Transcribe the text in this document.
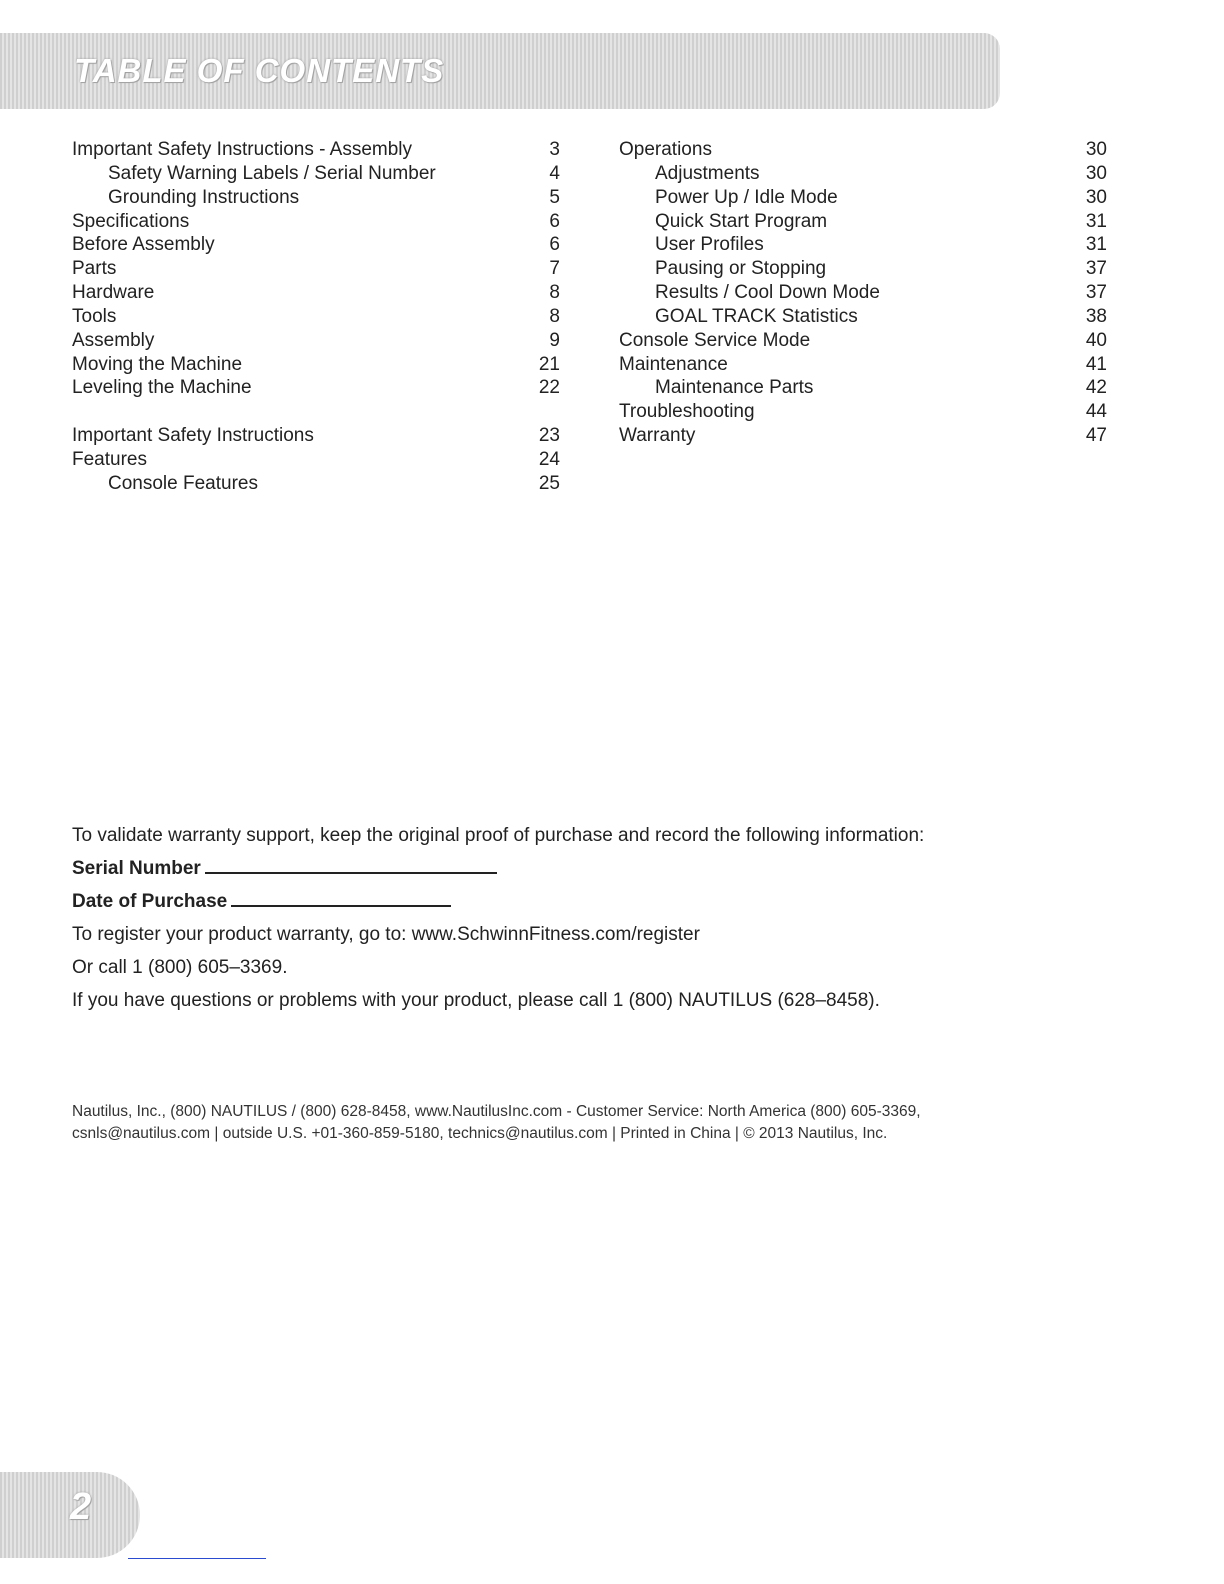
TABLE OF CONTENTS
Important Safety Instructions - Assembly	3
Safety Warning Labels / Serial Number	4
Grounding Instructions	5
Specifications	6
Before Assembly	6
Parts	7
Hardware	8
Tools	8
Assembly	9
Moving the Machine	21
Leveling the Machine	22
Important Safety Instructions	23
Features	24
Console Features	25
Operations	30
Adjustments	30
Power Up / Idle Mode	30
Quick Start Program	31
User Profiles	31
Pausing or Stopping	37
Results / Cool Down Mode	37
GOAL TRACK Statistics	38
Console Service Mode	40
Maintenance	41
Maintenance Parts	42
Troubleshooting	44
Warranty	47

To validate warranty support, keep the original proof of purchase and record the following information:

Serial Number

Date of Purchase

To register your product warranty, go to: www.SchwinnFitness.com/register

Or call 1 (800) 605–3369.

If you have questions or problems with your product, please call 1 (800) NAUTILUS (628–8458).

Nautilus, Inc., (800) NAUTILUS / (800) 628-8458, www.NautilusInc.com - Customer Service: North America (800) 605-3369,

csnls@nautilus.com | outside U.S. +01-360-859-5180, technics@nautilus.com | Printed in China | © 2013 Nautilus, Inc.

2
